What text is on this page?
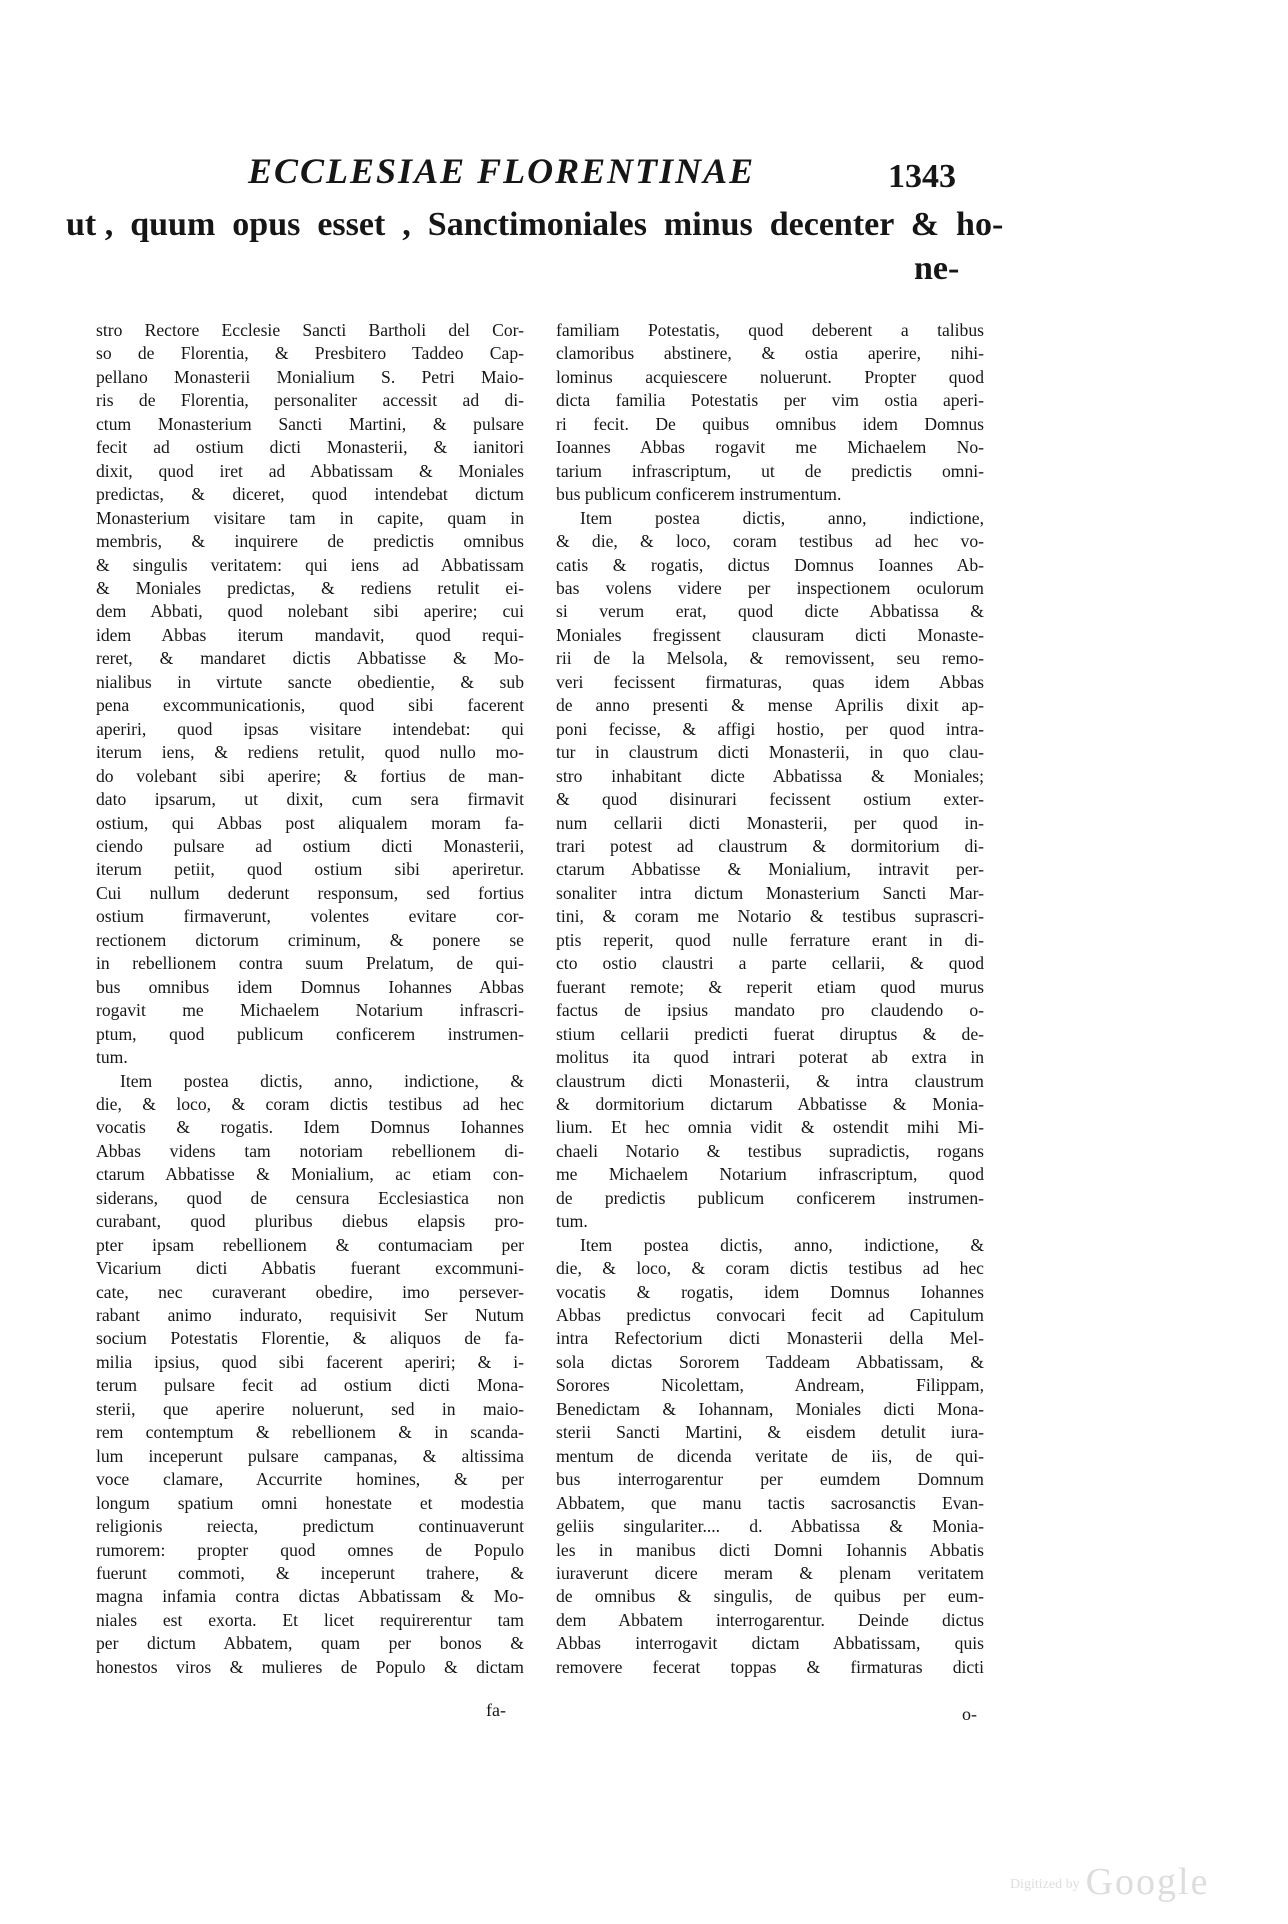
ECCLESIAE FLORENTINAE	1343
ut ,  quum  opus  esset  ,  Sanctimoniales  minus  decenter  &  ho-
ne-
stro Rectore Ecclesie Sancti Bartholi del Cor-
so de Florentia, & Presbitero Taddeo Cap-
pellano Monasterii Monialium S. Petri Maio-
ris de Florentia, personaliter accessit ad di-
ctum Monasterium Sancti Martini, & pulsare
fecit ad ostium dicti Monasterii, & ianitori
dixit, quod iret ad Abbatissam & Moniales
predictas, & diceret, quod intendebat dictum
Monasterium visitare tam in capite, quam in
membris, & inquirere de predictis omnibus
& singulis veritatem: qui iens ad Abbatissam
& Moniales predictas, & rediens retulit ei-
dem Abbati, quod nolebant sibi aperire; cui
idem Abbas iterum mandavit, quod requi-
reret, & mandaret dictis Abbatisse & Mo-
nialibus in virtute sancte obedientie, & sub
pena excommunicationis, quod sibi facerent
aperiri, quod ipsas visitare intendebat: qui
iterum iens, & rediens retulit, quod nullo mo-
do volebant sibi aperire; & fortius de man-
dato ipsarum, ut dixit, cum sera firmavit
ostium, qui Abbas post aliqualem moram fa-
ciendo pulsare ad ostium dicti Monasterii,
iterum petiit, quod ostium sibi aperiretur.
Cui nullum dederunt responsum, sed fortius
ostium firmaverunt, volentes evitare cor-
rectionem dictorum criminum, & ponere se
in rebellionem contra suum Prelatum, de qui-
bus omnibus idem Domnus Iohannes Abbas
rogavit me Michaelem Notarium infrascri-
ptum, quod publicum conficerem instrumen-
tum.
Item postea dictis, anno, indictione, &
die, & loco, & coram dictis testibus ad hec
vocatis & rogatis. Idem Domnus Iohannes
Abbas videns tam notoriam rebellionem di-
ctarum Abbatisse & Monialium, ac etiam con-
siderans, quod de censura Ecclesiastica non
curabant, quod pluribus diebus elapsis pro-
pter ipsam rebellionem & contumaciam per
Vicarium dicti Abbatis fuerant excommuni-
cate, nec curaverant obedire, imo persever-
rabant animo indurato, requisivit Ser Nutum
socium Potestatis Florentie, & aliquos de fa-
milia ipsius, quod sibi facerent aperiri; & i-
terum pulsare fecit ad ostium dicti Mona-
sterii, que aperire noluerunt, sed in maio-
rem contemptum & rebellionem & in scanda-
lum inceperunt pulsare campanas, & altissima
voce clamare, Accurrite homines, & per
longum spatium omni honestate et modestia
religionis reiecta, predictum continuaverunt
rumorem: propter quod omnes de Populo
fuerunt commoti, & inceperunt trahere, &
magna infamia contra dictas Abbatissam & Mo-
niales est exorta. Et licet requirerentur tam
per dictum Abbatem, quam per bonos &
honestos viros & mulieres de Populo & dictam
fa-
familiam Potestatis, quod deberent a talibus
clamoribus abstinere, & ostia aperire, nihi-
lominus acquiescere noluerunt. Propter quod
dicta familia Potestatis per vim ostia aperi-
ri fecit. De quibus omnibus idem Domnus
Ioannes Abbas rogavit me Michaelem No-
tarium infrascriptum, ut de predictis omni-
bus publicum conficerem instrumentum.
Item postea dictis, anno, indictione,
& die, & loco, coram testibus ad hec vo-
catis & rogatis, dictus Domnus Ioannes Ab-
bas volens videre per inspectionem oculorum
si verum erat, quod dicte Abbatissa &
Moniales fregissent clausuram dicti Monaste-
rii de la Melsola, & removissent, seu remo-
veri fecissent firmaturas, quas idem Abbas
de anno presenti & mense Aprilis dixit ap-
poni fecisse, & affigi hostio, per quod intra-
tur in claustrum dicti Monasterii, in quo clau-
stro inhabitant dicte Abbatissa & Moniales;
& quod disinurari fecissent ostium exter-
num cellarii dicti Monasterii, per quod in-
trari potest ad claustrum & dormitorium di-
ctarum Abbatisse & Monialium, intravit per-
sonaliter intra dictum Monasterium Sancti Mar-
tini, & coram me Notario & testibus suprascri-
ptis reperit, quod nulle ferrature erant in di-
cto ostio claustri a parte cellarii, & quod
fuerant remote; & reperit etiam quod murus
factus de ipsius mandato pro claudendo o-
stium cellarii predicti fuerat diruptus & de-
molitus ita quod intrari poterat ab extra in
claustrum dicti Monasterii, & intra claustrum
& dormitorium dictarum Abbatisse & Monia-
lium. Et hec omnia vidit & ostendit mihi Mi-
chaeli Notario & testibus supradictis, rogans
me Michaelem Notarium infrascriptum, quod
de predictis publicum conficerem instrumen-
tum.
Item postea dictis, anno, indictione, &
die, & loco, & coram dictis testibus ad hec
vocatis & rogatis, idem Domnus Iohannes
Abbas predictus convocari fecit ad Capitulum
intra Refectorium dicti Monasterii della Mel-
sola dictas Sororem Taddeam Abbatissam, &
Sorores Nicolettam, Andream, Filippam,
Benedictam & Iohannam, Moniales dicti Mona-
sterii Sancti Martini, & eisdem detulit iura-
mentum de dicenda veritate de iis, de qui-
bus interrogarentur per eumdem Domnum
Abbatem, que manu tactis sacrosanctis Evan-
geliis singulariter.... d. Abbatissa & Monia-
les in manibus dicti Domni Iohannis Abbatis
iuraverunt dicere meram & plenam veritatem
de omnibus & singulis, de quibus per eum-
dem Abbatem interrogarentur. Deinde dictus
Abbas interrogavit dictam Abbatissam, quis
removere fecerat toppas & firmaturas dicti
o-
Digitized by Google
